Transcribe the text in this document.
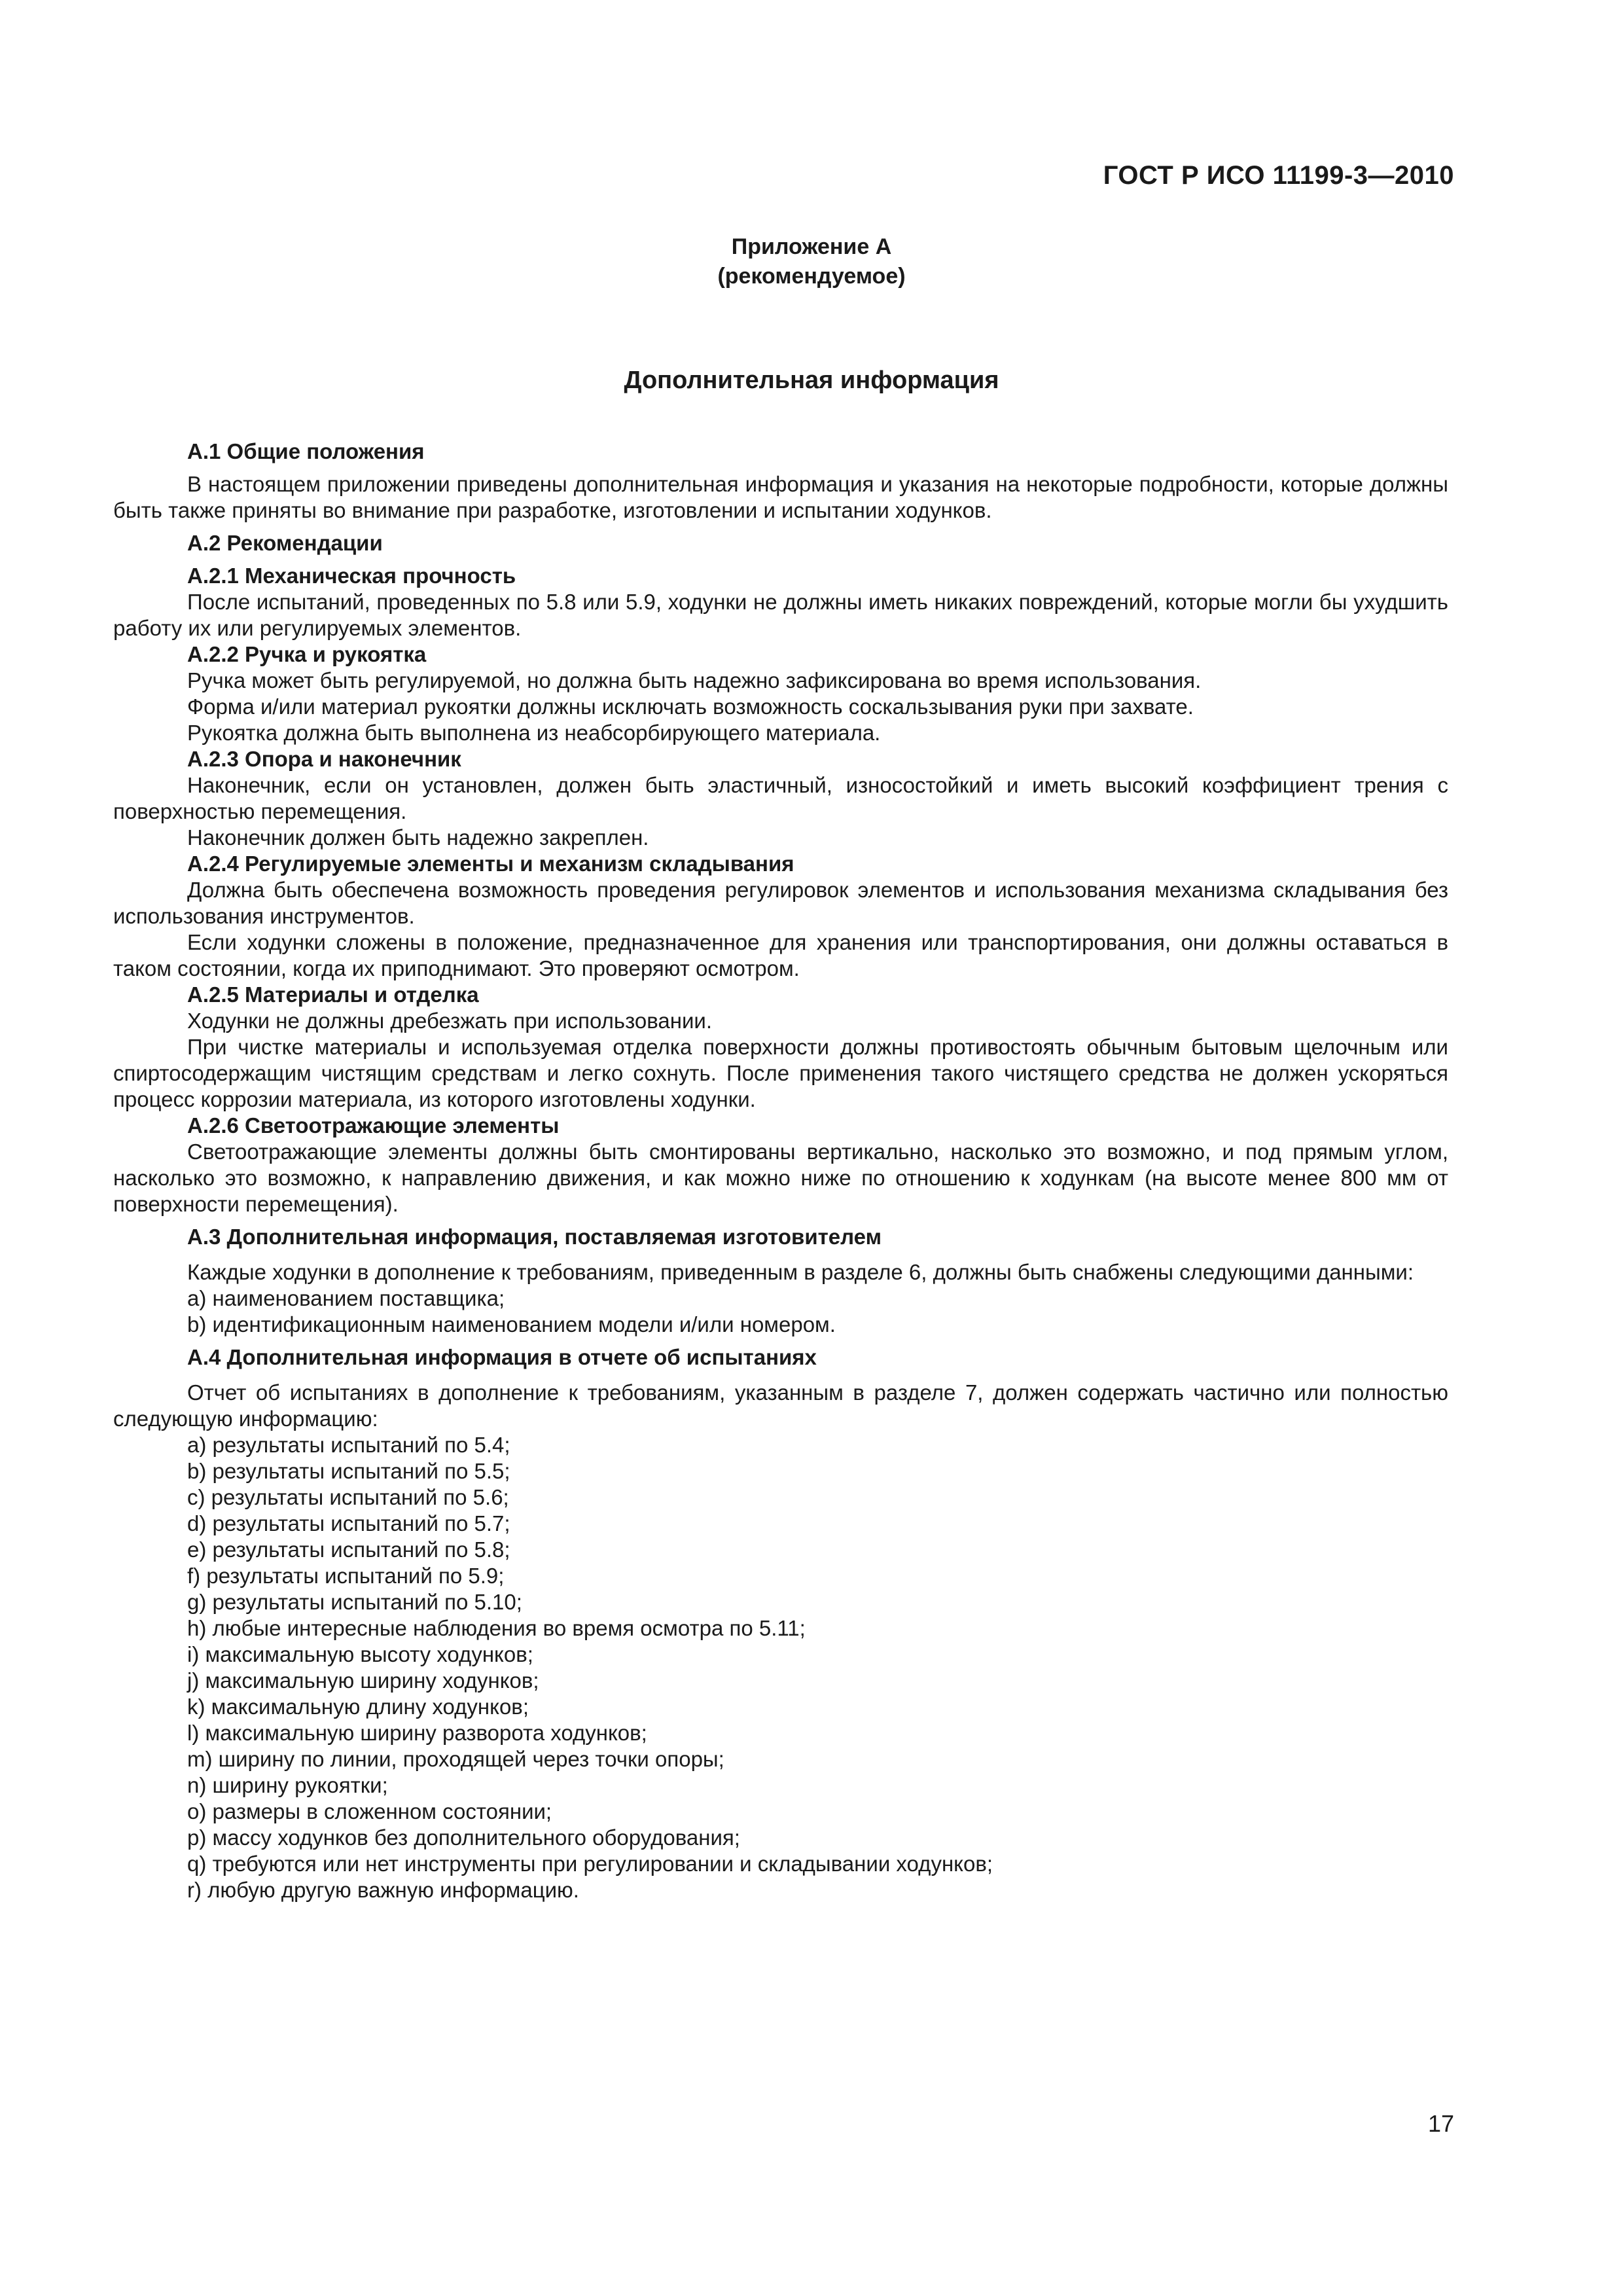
ГОСТ Р ИСО 11199-3—2010
Приложение А
(рекомендуемое)
Дополнительная информация

А.1 Общие положения

В настоящем приложении приведены дополнительная информация и указания на некоторые подробности, которые должны быть также приняты во внимание при разработке, изготовлении и испытании ходунков.

А.2 Рекомендации

А.2.1 Механическая прочность

После испытаний, проведенных по 5.8 или 5.9, ходунки не должны иметь никаких повреждений, которые могли бы ухудшить работу их или регулируемых элементов.

А.2.2 Ручка и рукоятка

Ручка может быть регулируемой, но должна быть надежно зафиксирована во время использования.

Форма и/или материал рукоятки должны исключать возможность соскальзывания руки при захвате.

Рукоятка должна быть выполнена из неабсорбирующего материала.

А.2.3 Опора и наконечник

Наконечник, если он установлен, должен быть эластичный, износостойкий и иметь высокий коэффициент трения с поверхностью перемещения.

Наконечник должен быть надежно закреплен.

А.2.4 Регулируемые элементы и механизм складывания

Должна быть обеспечена возможность проведения регулировок элементов и использования механизма складывания без использования инструментов.

Если ходунки сложены в положение, предназначенное для хранения или транспортирования, они должны оставаться в таком состоянии, когда их приподнимают. Это проверяют осмотром.

А.2.5 Материалы и отделка

Ходунки не должны дребезжать при использовании.

При чистке материалы и используемая отделка поверхности должны противостоять обычным бытовым щелочным или спиртосодержащим чистящим средствам и легко сохнуть. После применения такого чистящего средства не должен ускоряться процесс коррозии материала, из которого изготовлены ходунки.

А.2.6 Светоотражающие элементы

Светоотражающие элементы должны быть смонтированы вертикально, насколько это возможно, и под прямым углом, насколько это возможно, к направлению движения, и как можно ниже по отношению к ходункам (на высоте менее 800 мм от поверхности перемещения).

А.3 Дополнительная информация, поставляемая изготовителем

Каждые ходунки в дополнение к требованиям, приведенным в разделе 6, должны быть снабжены следующими данными:

а) наименованием поставщика;

b) идентификационным наименованием модели и/или номером.

А.4 Дополнительная информация в отчете об испытаниях

Отчет об испытаниях в дополнение к требованиям, указанным в разделе 7, должен содержать частично или полностью следующую информацию:

а) результаты испытаний по 5.4;

b) результаты испытаний по 5.5;

c) результаты испытаний по 5.6;

d) результаты испытаний по 5.7;

e) результаты испытаний по 5.8;

f) результаты испытаний по 5.9;

g) результаты испытаний по 5.10;

h) любые интересные наблюдения во время осмотра по 5.11;

i) максимальную высоту ходунков;

j) максимальную ширину ходунков;

k) максимальную длину ходунков;

l) максимальную ширину разворота ходунков;

m) ширину по линии, проходящей через точки опоры;

n) ширину рукоятки;

o) размеры в сложенном состоянии;

p) массу ходунков без дополнительного оборудования;

q) требуются или нет инструменты при регулировании и складывании ходунков;

r) любую другую важную информацию.

17
